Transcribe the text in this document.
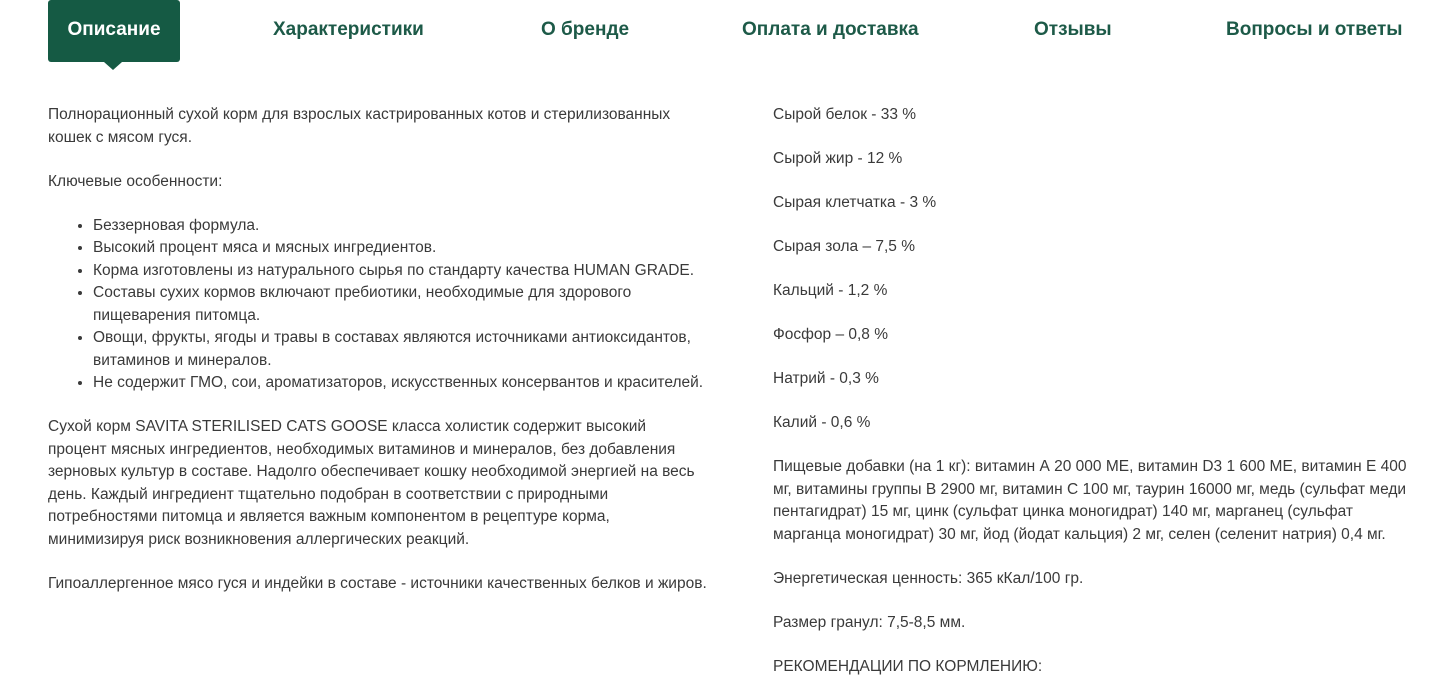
Описание	Характеристики	О бренде	Оплата и доставка	Отзывы	Вопросы и ответы

Полнорационный сухой корм для взрослых кастрированных котов и стерилизованных кошек с мясом гуся.

Ключевые особенности:

• Беззерновая формула.
• Высокий процент мяса и мясных ингредиентов.
• Корма изготовлены из натурального сырья по стандарту качества HUMAN GRADE.
• Составы сухих кормов включают пребиотики, необходимые для здорового пищеварения питомца.
• Овощи, фрукты, ягоды и травы в составах являются источниками антиоксидантов, витаминов и минералов.
• Не содержит ГМО, сои, ароматизаторов, искусственных консервантов и красителей.

Сухой корм SAVITA STERILISED CATS GOOSE класса холистик содержит высокий процент мясных ингредиентов, необходимых витаминов и минералов, без добавления зерновых культур в составе. Надолго обеспечивает кошку необходимой энергией на весь день. Каждый ингредиент тщательно подобран в соответствии с природными потребностями питомца и является важным компонентом в рецептуре корма, минимизируя риск возникновения аллергических реакций.

Гипоаллергенное мясо гуся и индейки в составе - источники качественных белков и жиров.

Сырой белок - 33 %

Сырой жир - 12 %

Сырая клетчатка - 3 %

Сырая зола – 7,5 %

Кальций - 1,2 %

Фосфор – 0,8 %

Натрий - 0,3 %

Калий - 0,6 %

Пищевые добавки (на 1 кг): витамин А 20 000 МЕ, витамин D3 1 600 МЕ, витамин Е 400 мг, витамины группы В 2900 мг, витамин С 100 мг, таурин 16000 мг, медь (сульфат меди пентагидрат) 15 мг, цинк (сульфат цинка моногидрат) 140 мг, марганец (сульфат марганца моногидрат) 30 мг, йод (йодат кальция) 2 мг, селен (селенит натрия) 0,4 мг.

Энергетическая ценность: 365 кКал/100 гр.

Размер гранул: 7,5-8,5 мм.

РЕКОМЕНДАЦИИ ПО КОРМЛЕНИЮ:
